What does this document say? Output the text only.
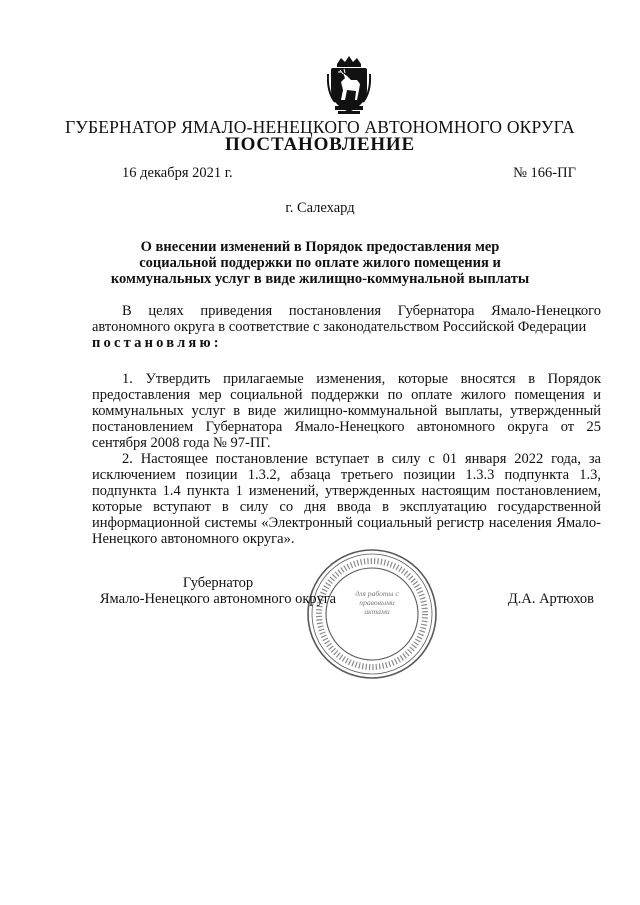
ГУБЕРНАТОР ЯМАЛО-НЕНЕЦКОГО АВТОНОМНОГО ОКРУГА
ПОСТАНОВЛЕНИЕ
16 декабря 2021 г.	№ 166-ПГ
г. Салехард
О внесении изменений в Порядок предоставления мер социальной поддержки по оплате жилого помещения и коммунальных услуг в виде жилищно-коммунальной выплаты

В целях приведения постановления Губернатора Ямало-Ненецкого автономного округа в соответствие с законодательством Российской Федерации

постановляю:

1. Утвердить прилагаемые изменения, которые вносятся в Порядок предоставления мер социальной поддержки по оплате жилого помещения и коммунальных услуг в виде жилищно-коммунальной выплаты, утвержденный постановлением Губернатора Ямало-Ненецкого автономного округа от 25 сентября 2008 года № 97-ПГ.

2. Настоящее постановление вступает в силу с 01 января 2022 года, за исключением позиции 1.3.2, абзаца третьего позиции 1.3.3 подпункта 1.3, подпункта 1.4 пункта 1 изменений, утвержденных настоящим постановлением, которые вступают в силу со дня ввода в эксплуатацию государственной информационной системы «Электронный социальный регистр населения Ямало-Ненецкого автономного округа».

для работы с правовыми актами
Губернатор
Ямало-Ненецкого автономного округа	Д.А. Артюхов
